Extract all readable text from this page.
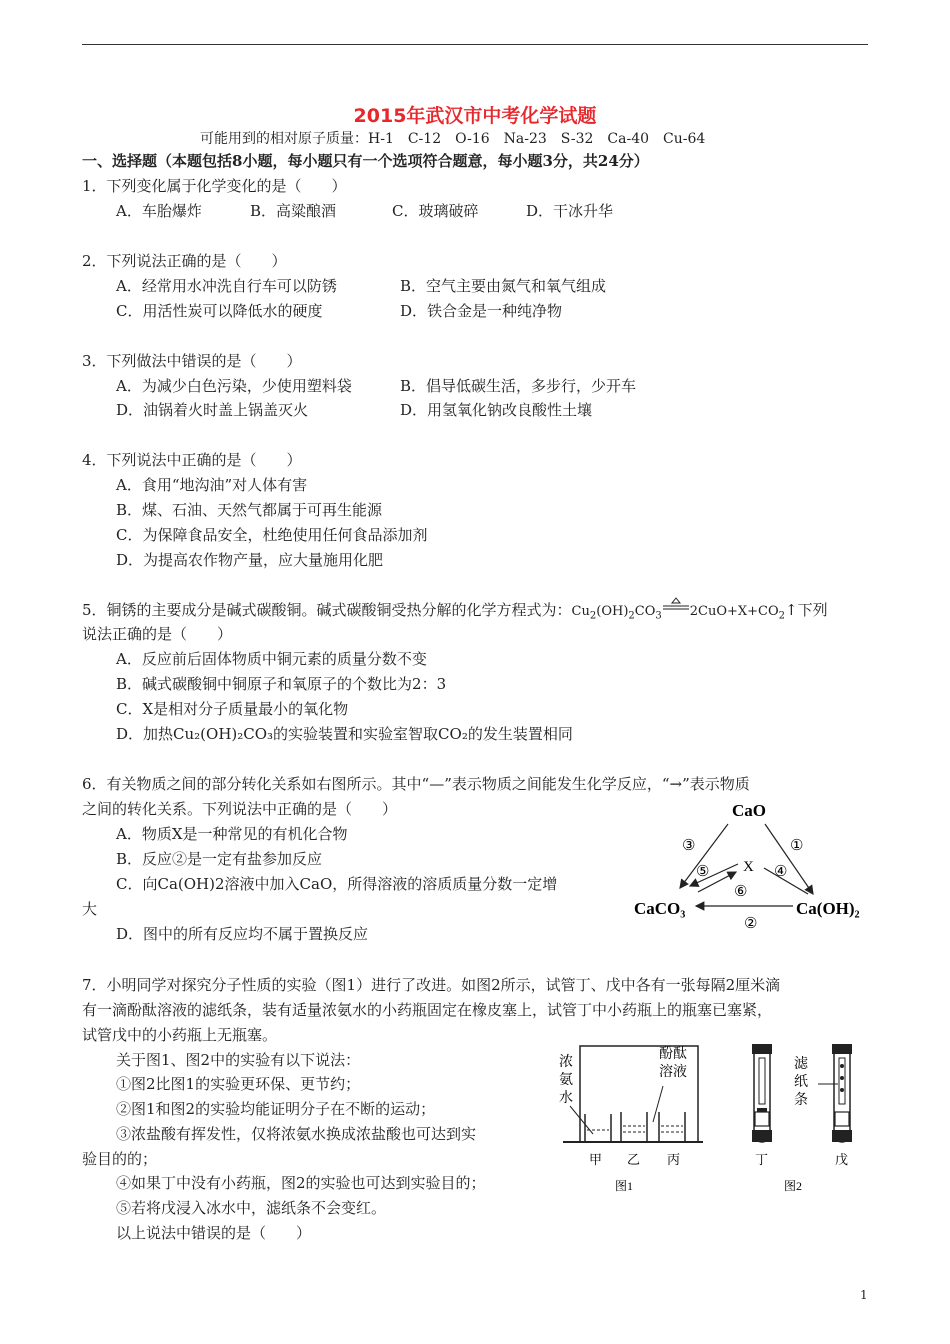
2015年武汉市中考化学试题
可能用到的相对原子质量：H-1　C-12　O-16　Na-23　S-32　Ca-40　Cu-64
一、选择题（本题包括8小题，每小题只有一个选项符合题意，每小题3分，共24分）
1．下列变化属于化学变化的是（　　）
A．车胎爆炸	B．高粱酿酒	C．玻璃破碎	D．干冰升华
2．下列说法正确的是（　　）
A．经常用水冲洗自行车可以防锈	B．空气主要由氮气和氧气组成
C．用活性炭可以降低水的硬度	D．铁合金是一种纯净物
3．下列做法中错误的是（　　）
A．为减少白色污染，少使用塑料袋	B．倡导低碳生活，多步行，少开车
D．油锅着火时盖上锅盖灭火	D．用氢氧化钠改良酸性土壤
4．下列说法中正确的是（　　）
A．食用“地沟油”对人体有害
B．煤、石油、天然气都属于可再生能源
C．为保障食品安全，杜绝使用任何食品添加剂
D．为提高农作物产量，应大量施用化肥
5．铜锈的主要成分是碱式碳酸铜。碱式碳酸铜受热分解的化学方程式为：$Cu_2(OH)_2CO_3$ $2CuO+X+CO_2↑$下列
说法正确的是（　　）
A．反应前后固体物质中铜元素的质量分数不变
B．碱式碳酸铜中铜原子和氧原子的个数比为2：3
C．X是相对分子质量最小的氧化物
D．加热Cu₂(OH)₂CO₃的实验装置和实验室智取CO₂的发生装置相同
6．有关物质之间的部分转化关系如右图所示。其中“—”表示物质之间能发生化学反应，“→”表示物质
之间的转化关系。下列说法中正确的是（　　）
A．物质X是一种常见的有机化合物
B．反应②是一定有盐参加反应
C．向Ca(OH)2溶液中加入CaO，所得溶液的溶质质量分数一定增
大
D．图中的所有反应均不属于置换反应
CaO
CaCO₃	Ca(OH)₂
X
③	①
⑤	④
⑥
②
7．小明同学对探究分子性质的实验（图1）进行了改进。如图2所示，试管丁、戊中各有一张每隔2厘米滴
有一滴酚酞溶液的滤纸条，装有适量浓氨水的小药瓶固定在橡皮塞上，试管丁中小药瓶上的瓶塞已塞紧，
试管戊中的小药瓶上无瓶塞。
关于图1、图2中的实验有以下说法：
①图2比图1的实验更环保、更节约；
②图1和图2的实验均能证明分子在不断的运动；
③浓盐酸有挥发性，仅将浓氨水换成浓盐酸也可达到实
验目的的；
④如果丁中没有小药瓶，图2的实验也可达到实验目的；
⑤若将戊浸入冰水中，滤纸条不会变红。
以上说法中错误的是（　　）
浓
氨
水
酚酞
溶液
甲 乙 丙
图1
滤
纸
条
丁	戊
图2
1
